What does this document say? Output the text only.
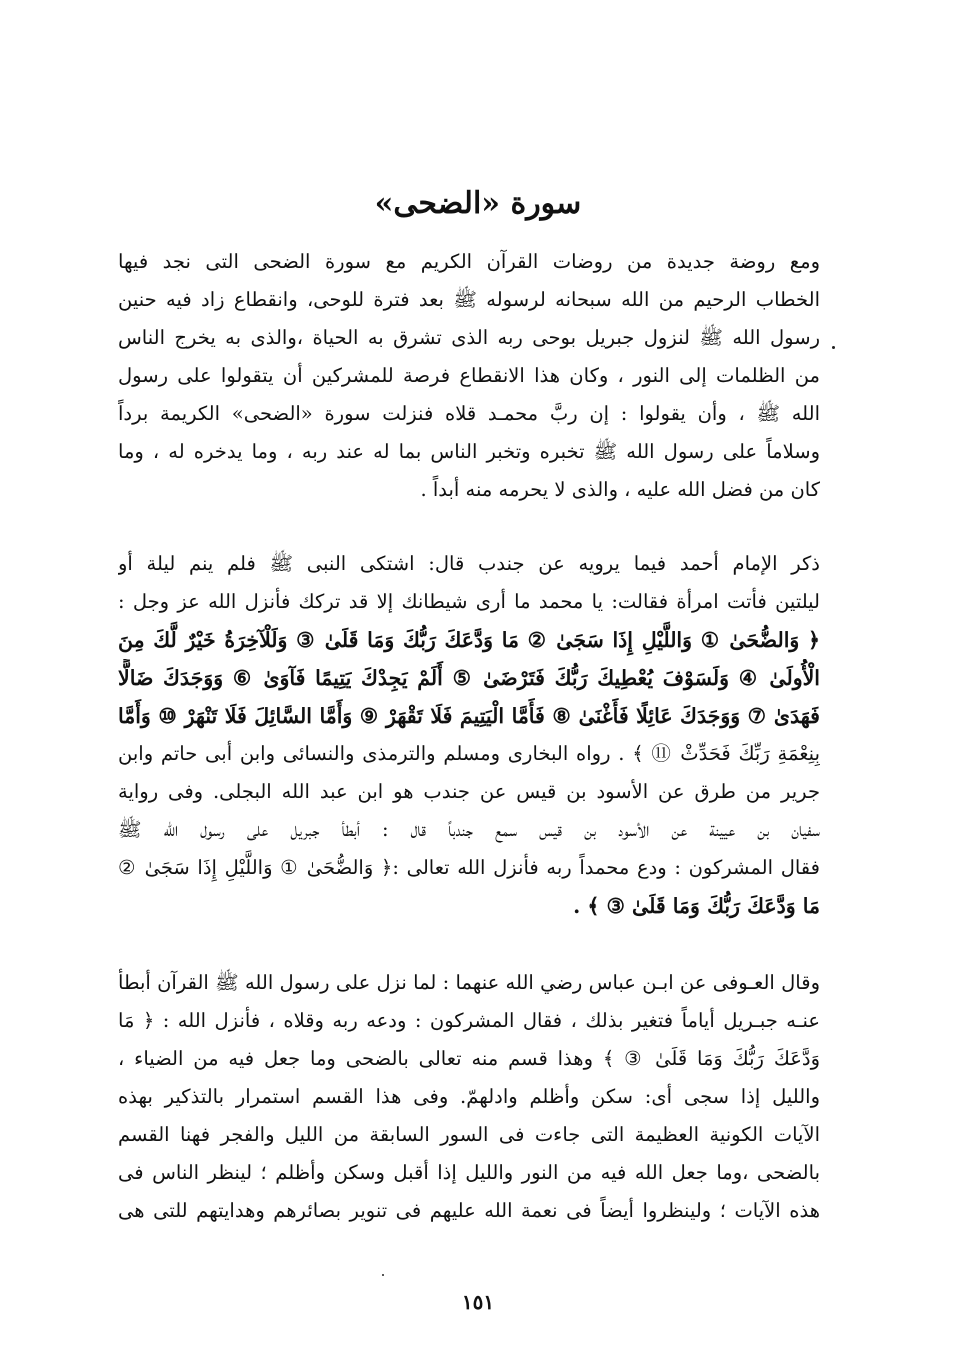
سورة «الضحى»
ومع روضة جديدة من روضات القرآن الكريم مع سورة الضحى التى نجد فيها
الخطاب الرحيم من الله سبحانه لرسوله ﷺ بعد فترة للوحى، وانقطاع زاد فيه حنين
رسول الله ﷺ لنزول جبريل بوحى ربه الذى تشرق به الحياة ،والذى به يخرج الناس
من الظلمات إلى النور ، وكان هذا الانقطاع فرصة للمشركين أن يتقولوا على رسول
الله ﷺ ، وأن يقولوا : إن ربَّ محمـد قلاه فنزلت سورة «الضحى» الكريمة برداً
وسلاماً على رسول الله ﷺ تخبره وتخبر الناس بما له عند ربه ، وما يدخره له ، وما
كان من فضل الله عليه ، والذى لا يحرمه منه أبداً .
ذكر الإمام أحمد فيما يرويه عن جندب قال: اشتكى النبى ﷺ فلم ينم ليلة أو
ليلتين فأتت امرأة فقالت: يا محمد ما أرى شيطانك إلا قد تركك فأنزل الله عز وجل :
﴿ وَالضُّحَىٰ ① وَاللَّيْلِ إِذَا سَجَىٰ ② مَا وَدَّعَكَ رَبُّكَ وَمَا قَلَىٰ ③ وَلَلْآخِرَةُ خَيْرٌ لَّكَ مِنَ
الْأُولَىٰ ④ وَلَسَوْفَ يُعْطِيكَ رَبُّكَ فَتَرْضَىٰ ⑤ أَلَمْ يَجِدْكَ يَتِيمًا فَآوَىٰ ⑥ وَوَجَدَكَ ضَالًّا
فَهَدَىٰ ⑦ وَوَجَدَكَ عَائِلًا فَأَغْنَىٰ ⑧ فَأَمَّا الْيَتِيمَ فَلَا تَقْهَرْ ⑨ وَأَمَّا السَّائِلَ فَلَا تَنْهَرْ ⑩ وَأَمَّا
بِنِعْمَةِ رَبِّكَ فَحَدِّثْ ⑪ ﴾ . رواه البخارى ومسلم والترمذى والنسائى وابن أبى حاتم وابن
جرير من طرق عن الأسود بن قيس عن جندب هو ابن عبد الله البجلى. وفى رواية
سفيان بن عيينة عن الأسود بن قيس سمع جندباً قال : أبطأ جبريل على رسول الله ﷺ
فقال المشركون : ودع محمداً ربه فأنزل الله تعالى :﴿ وَالضُّحَىٰ ① وَاللَّيْلِ إِذَا سَجَىٰ ②
مَا وَدَّعَكَ رَبُّكَ وَمَا قَلَىٰ ③ ﴾ .
وقال العـوفى عن ابـن عباس رضي الله عنهما : لما نزل على رسول الله ﷺ القرآن أبطأ
عنـه جبـريل أياماً فتغير بذلك ، فقال المشركون : ودعه ربه وقلاه ، فأنزل الله : ﴿ مَا
وَدَّعَكَ رَبُّكَ وَمَا قَلَىٰ ③ ﴾ وهذا قسم منه تعالى بالضحى وما جعل فيه من الضياء ،
والليل إذا سجى أى: سكن وأظلم وادلهمّ. وفى هذا القسم استمرار بالتذكير بهذه
الآيات الكونية العظيمة التى جاءت فى السور السابقة من الليل والفجر فهنا القسم
بالضحى ،وما جعل الله فيه من النور والليل إذا أقبل وسكن وأظلم ؛ لينظر الناس فى
هذه الآيات ؛ ولينظروا أيضاً فى نعمة الله عليهم فى تنوير بصائرهم وهدايتهم للتى هى
١٥١
